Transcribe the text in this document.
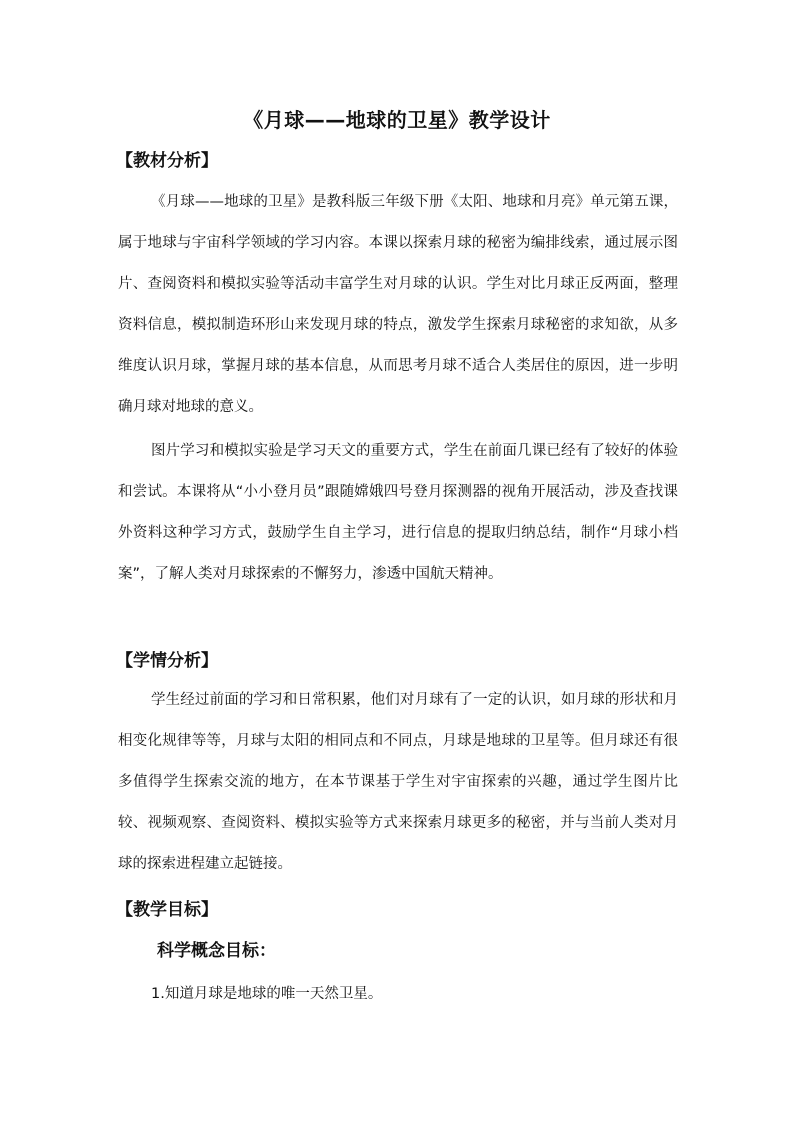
《月球——地球的卫星》教学设计
【教材分析】
《月球——地球的卫星》是教科版三年级下册《太阳、地球和月亮》单元第五课，属于地球与宇宙科学领域的学习内容。本课以探索月球的秘密为编排线索，通过展示图片、查阅资料和模拟实验等活动丰富学生对月球的认识。学生对比月球正反两面，整理资料信息，模拟制造环形山来发现月球的特点，激发学生探索月球秘密的求知欲，从多维度认识月球，掌握月球的基本信息，从而思考月球不适合人类居住的原因，进一步明确月球对地球的意义。
图片学习和模拟实验是学习天文的重要方式，学生在前面几课已经有了较好的体验和尝试。本课将从“小小登月员”跟随嫦娥四号登月探测器的视角开展活动，涉及查找课外资料这种学习方式，鼓励学生自主学习，进行信息的提取归纳总结，制作“月球小档案”，了解人类对月球探索的不懈努力，渗透中国航天精神。
【学情分析】
学生经过前面的学习和日常积累，他们对月球有了一定的认识，如月球的形状和月相变化规律等等，月球与太阳的相同点和不同点，月球是地球的卫星等。但月球还有很多值得学生探索交流的地方，在本节课基于学生对宇宙探索的兴趣，通过学生图片比较、视频观察、查阅资料、模拟实验等方式来探索月球更多的秘密，并与当前人类对月球的探索进程建立起链接。
【教学目标】
科学概念目标：
1.知道月球是地球的唯一天然卫星。
